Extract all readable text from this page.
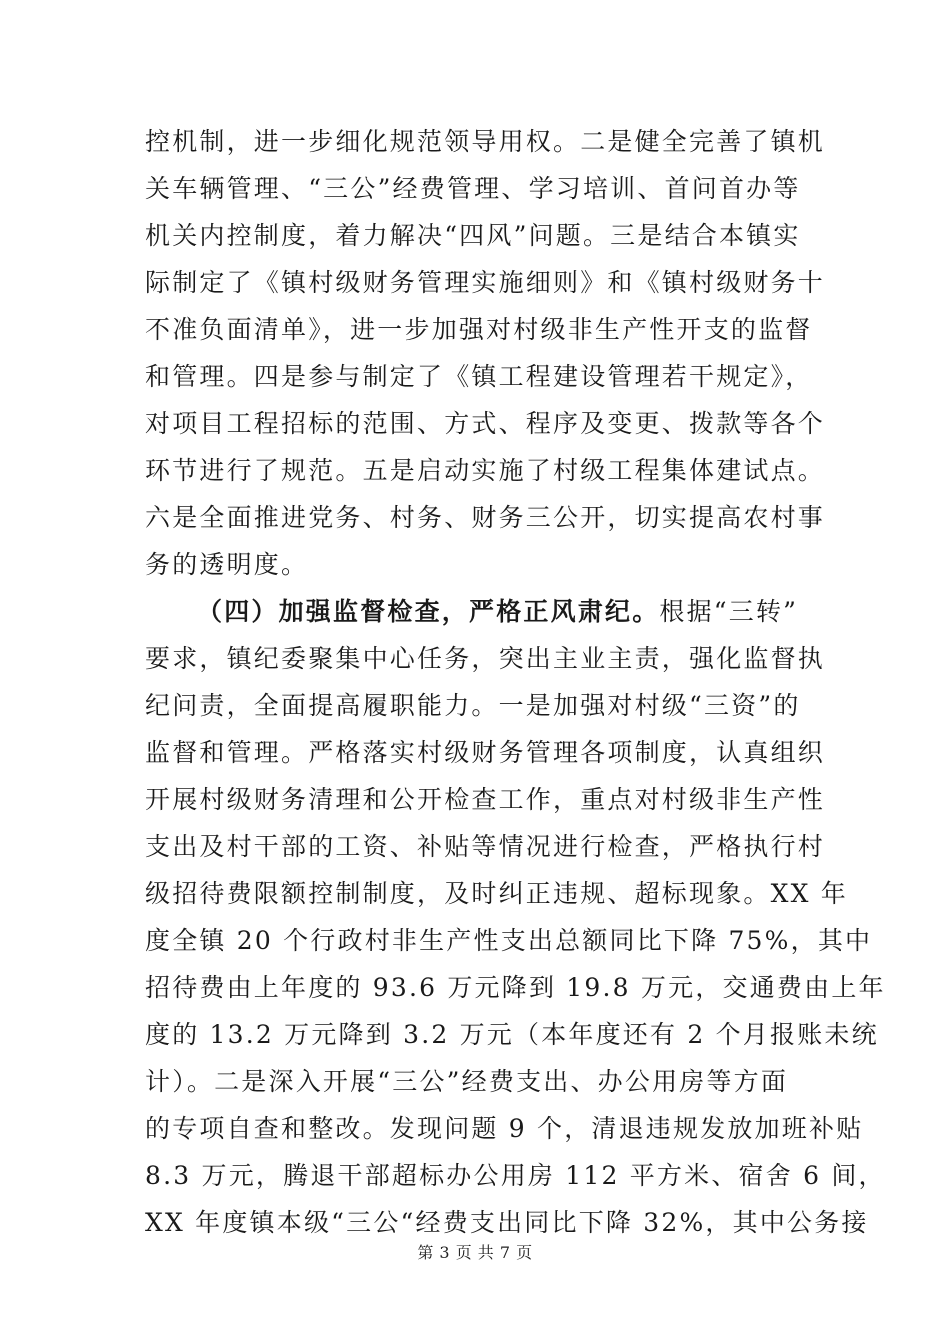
控机制，进一步细化规范领导用权。二是健全完善了镇机
关车辆管理、“三公”经费管理、学习培训、首问首办等
机关内控制度，着力解决“四风”问题。三是结合本镇实
际制定了《镇村级财务管理实施细则》和《镇村级财务十
不准负面清单》，进一步加强对村级非生产性开支的监督
和管理。四是参与制定了《镇工程建设管理若干规定》，
对项目工程招标的范围、方式、程序及变更、拨款等各个
环节进行了规范。五是启动实施了村级工程集体建试点。
六是全面推进党务、村务、财务三公开，切实提高农村事
务的透明度。
（四）加强监督检查，严格正风肃纪。根据“三转”
要求，镇纪委聚集中心任务，突出主业主责，强化监督执
纪问责，全面提高履职能力。一是加强对村级“三资”的
监督和管理。严格落实村级财务管理各项制度，认真组织
开展村级财务清理和公开检查工作，重点对村级非生产性
支出及村干部的工资、补贴等情况进行检查，严格执行村
级招待费限额控制制度，及时纠正违规、超标现象。XX 年
度全镇 20 个行政村非生产性支出总额同比下降 75%，其中
招待费由上年度的 93.6 万元降到 19.8 万元，交通费由上年
度的 13.2 万元降到 3.2 万元（本年度还有 2 个月报账未统
计）。二是深入开展“三公”经费支出、办公用房等方面
的专项自查和整改。发现问题 9 个，清退违规发放加班补贴
8.3 万元，腾退干部超标办公用房 112 平方米、宿舍 6 间，
XX 年度镇本级“三公“经费支出同比下降 32%，其中公务接
第 3 页 共 7 页
